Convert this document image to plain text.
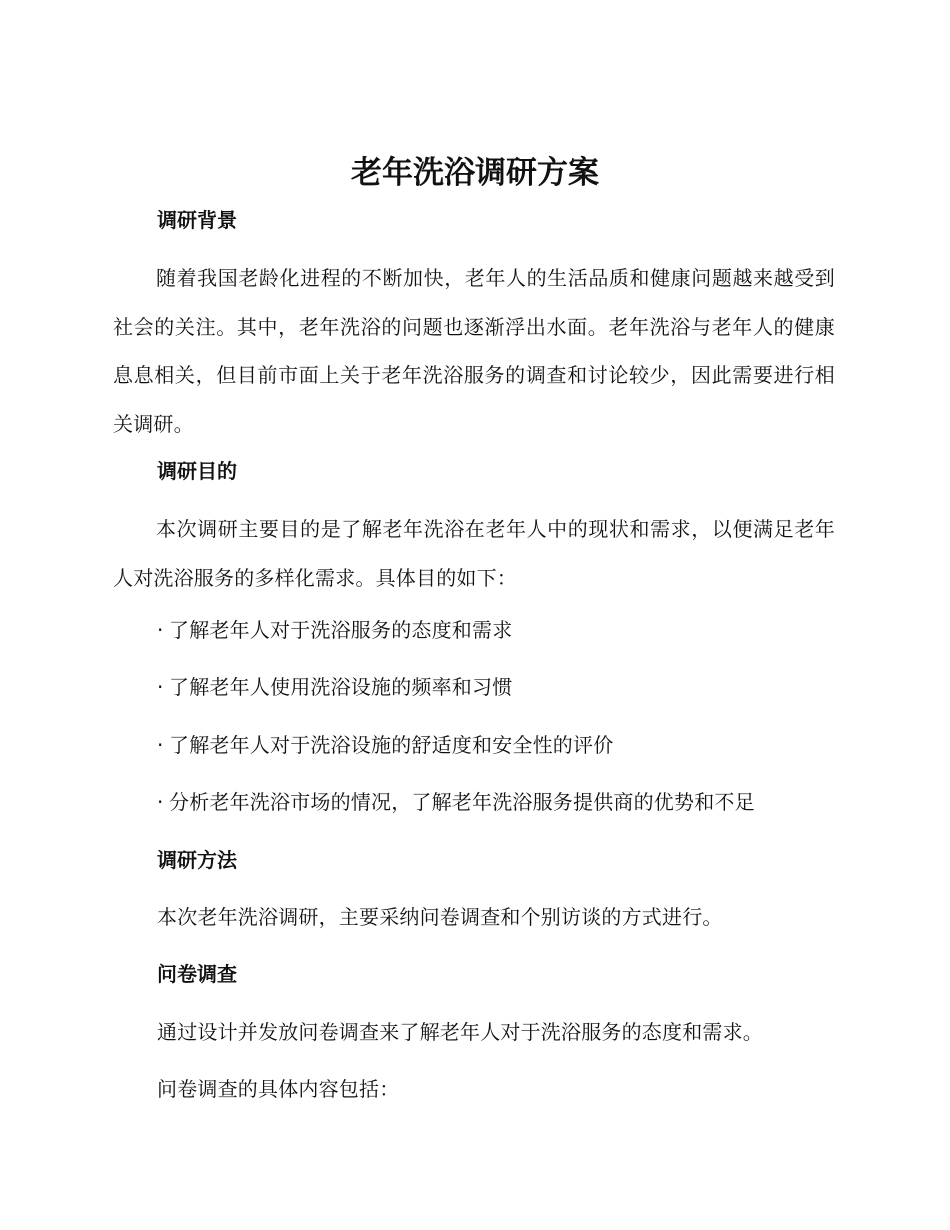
老年洗浴调研方案
调研背景

随着我国老龄化进程的不断加快，老年人的生活品质和健康问题越来越受到社会的关注。其中，老年洗浴的问题也逐渐浮出水面。老年洗浴与老年人的健康息息相关，但目前市面上关于老年洗浴服务的调查和讨论较少，因此需要进行相关调研。

调研目的

本次调研主要目的是了解老年洗浴在老年人中的现状和需求，以便满足老年人对洗浴服务的多样化需求。具体目的如下：

· 了解老年人对于洗浴服务的态度和需求

· 了解老年人使用洗浴设施的频率和习惯

· 了解老年人对于洗浴设施的舒适度和安全性的评价

· 分析老年洗浴市场的情况，了解老年洗浴服务提供商的优势和不足

调研方法

本次老年洗浴调研，主要采纳问卷调查和个别访谈的方式进行。

问卷调查

通过设计并发放问卷调查来了解老年人对于洗浴服务的态度和需求。

问卷调查的具体内容包括：
